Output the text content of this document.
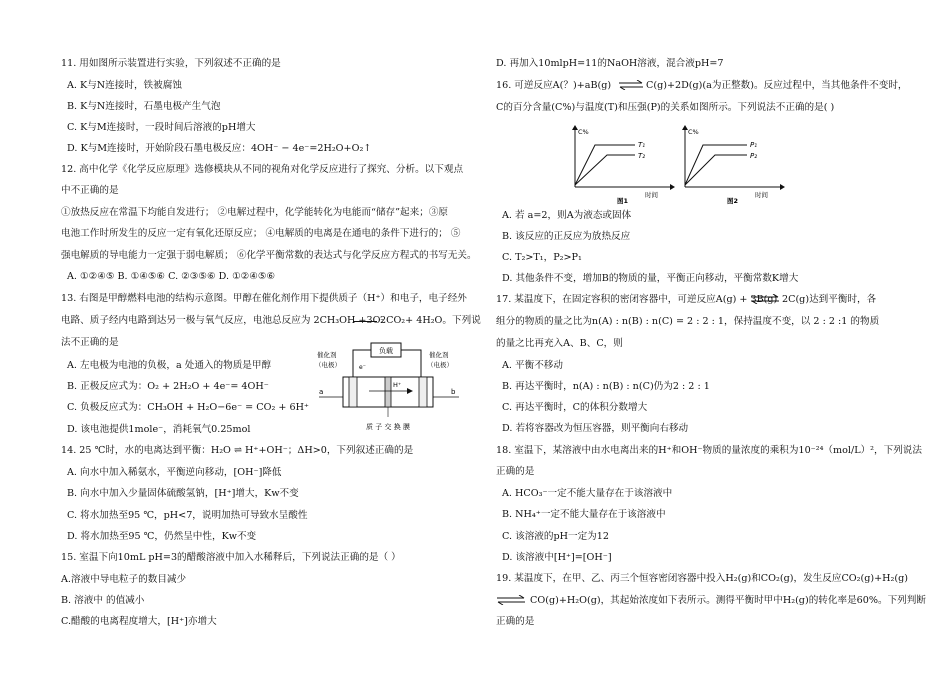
11. 用如图所示装置进行实验，下列叙述不正确的是
A. K与N连接时，铁被腐蚀
B. K与N连接时，石墨电极产生气泡
C. K与M连接时，一段时间后溶液的pH增大
D. K与M连接时，开始阶段石墨电极反应：4OH⁻ − 4e⁻=2H₂O+O₂↑
12. 高中化学《化学反应原理》选修模块从不同的视角对化学反应进行了探究、分析。以下观点
中不正确的是
①放热反应在常温下均能自发进行； ②电解过程中，化学能转化为电能而“储存”起来；③原
电池工作时所发生的反应一定有氧化还原反应； ④电解质的电离是在通电的条件下进行的； ⑤
强电解质的导电能力一定强于弱电解质； ⑥化学平衡常数的表达式与化学反应方程式的书写无关。
A. ①②④⑤ B. ①④⑤⑥ C. ②③⑤⑥ D. ①②④⑤⑥
13. 右图是甲醇燃料电池的结构示意图。甲醇在催化剂作用下提供质子（H⁺）和电子，电子经外
电路、质子经内电路到达另一极与氧气反应，电池总反应为 2CH₃OH +3O₂
2CO₂+ 4H₂O。下列说
法不正确的是
A. 左电极为电池的负极，a 处通入的物质是甲醇
B. 正极反应式为：O₂ + 2H₂O + 4e⁻= 4OH⁻
C. 负极反应式为：CH₃OH + H₂O−6e⁻ = CO₂ + 6H⁺
D. 该电池提供1mole⁻，消耗氧气0.25mol
负载
催化剂
（电极）
催化剂
（电极）
e⁻
H⁺
a	b
质 子 交 换 膜
14. 25 ℃时，水的电离达到平衡：H₂O ⇌ H⁺+OH⁻；ΔH>0，下列叙述正确的是
A. 向水中加入稀氨水，平衡逆向移动，[OH⁻]降低
B. 向水中加入少量固体硫酸氢钠，[H⁺]增大，Kw不变
C. 将水加热至95 ℃，pH<7，说明加热可导致水呈酸性
D. 将水加热至95 ℃，仍然呈中性，Kw不变
15. 室温下向10mL pH=3的醋酸溶液中加入水稀释后，下列说法正确的是（ ）
A.溶液中导电粒子的数目减少
B. 溶液中 的值减小
C.醋酸的电离程度增大，[H⁺]亦增大
D. 再加入10mlpH=11的NaOH溶液，混合液pH=7
16. 可逆反应A(？)+aB(g) ⇌ C(g)+2D(g)(a为正整数)。反应过程中，当其他条件不变时，
C的百分含量(C%)与温度(T)和压强(P)的关系如图所示。下列说法不正确的是( )
C%
T₁
T₂
时间
图1
C%
P₁
P₂
时间
图2
A. 若 a=2，则A为液态或固体
B. 该反应的正反应为放热反应
C. T₂>T₁，P₂>P₁
D. 其他条件不变，增加B的物质的量，平衡正向移动，平衡常数K增大
17. 某温度下，在固定容积的密闭容器中，可逆反应A(g) + 3B(g) ⇌ 2C(g)达到平衡时，各
组分的物质的量之比为n(A) : n(B) : n(C) = 2 : 2 : 1，保持温度不变，以 2 : 2 :1 的物质
的量之比再充入A、B、C，则
A. 平衡不移动
B. 再达平衡时，n(A) : n(B) : n(C)仍为2 : 2 : 1
C. 再达平衡时，C的体积分数增大
D. 若将容器改为恒压容器，则平衡向右移动
18. 室温下，某溶液中由水电离出来的H⁺和OH⁻物质的量浓度的乘积为10⁻²⁴（mol/L）²，下列说法
正确的是
A. HCO₃⁻一定不能大量存在于该溶液中
B. NH₄⁺一定不能大量存在于该溶液中
C. 该溶液的pH一定为12
D. 该溶液中[H⁺]=[OH⁻]
19. 某温度下，在甲、乙、丙三个恒容密闭容器中投入H₂(g)和CO₂(g)，发生反应CO₂(g)+H₂(g)
⇌ CO(g)+H₂O(g)，其起始浓度如下表所示。测得平衡时甲中H₂(g)的转化率是60%。下列判断
正确的是
